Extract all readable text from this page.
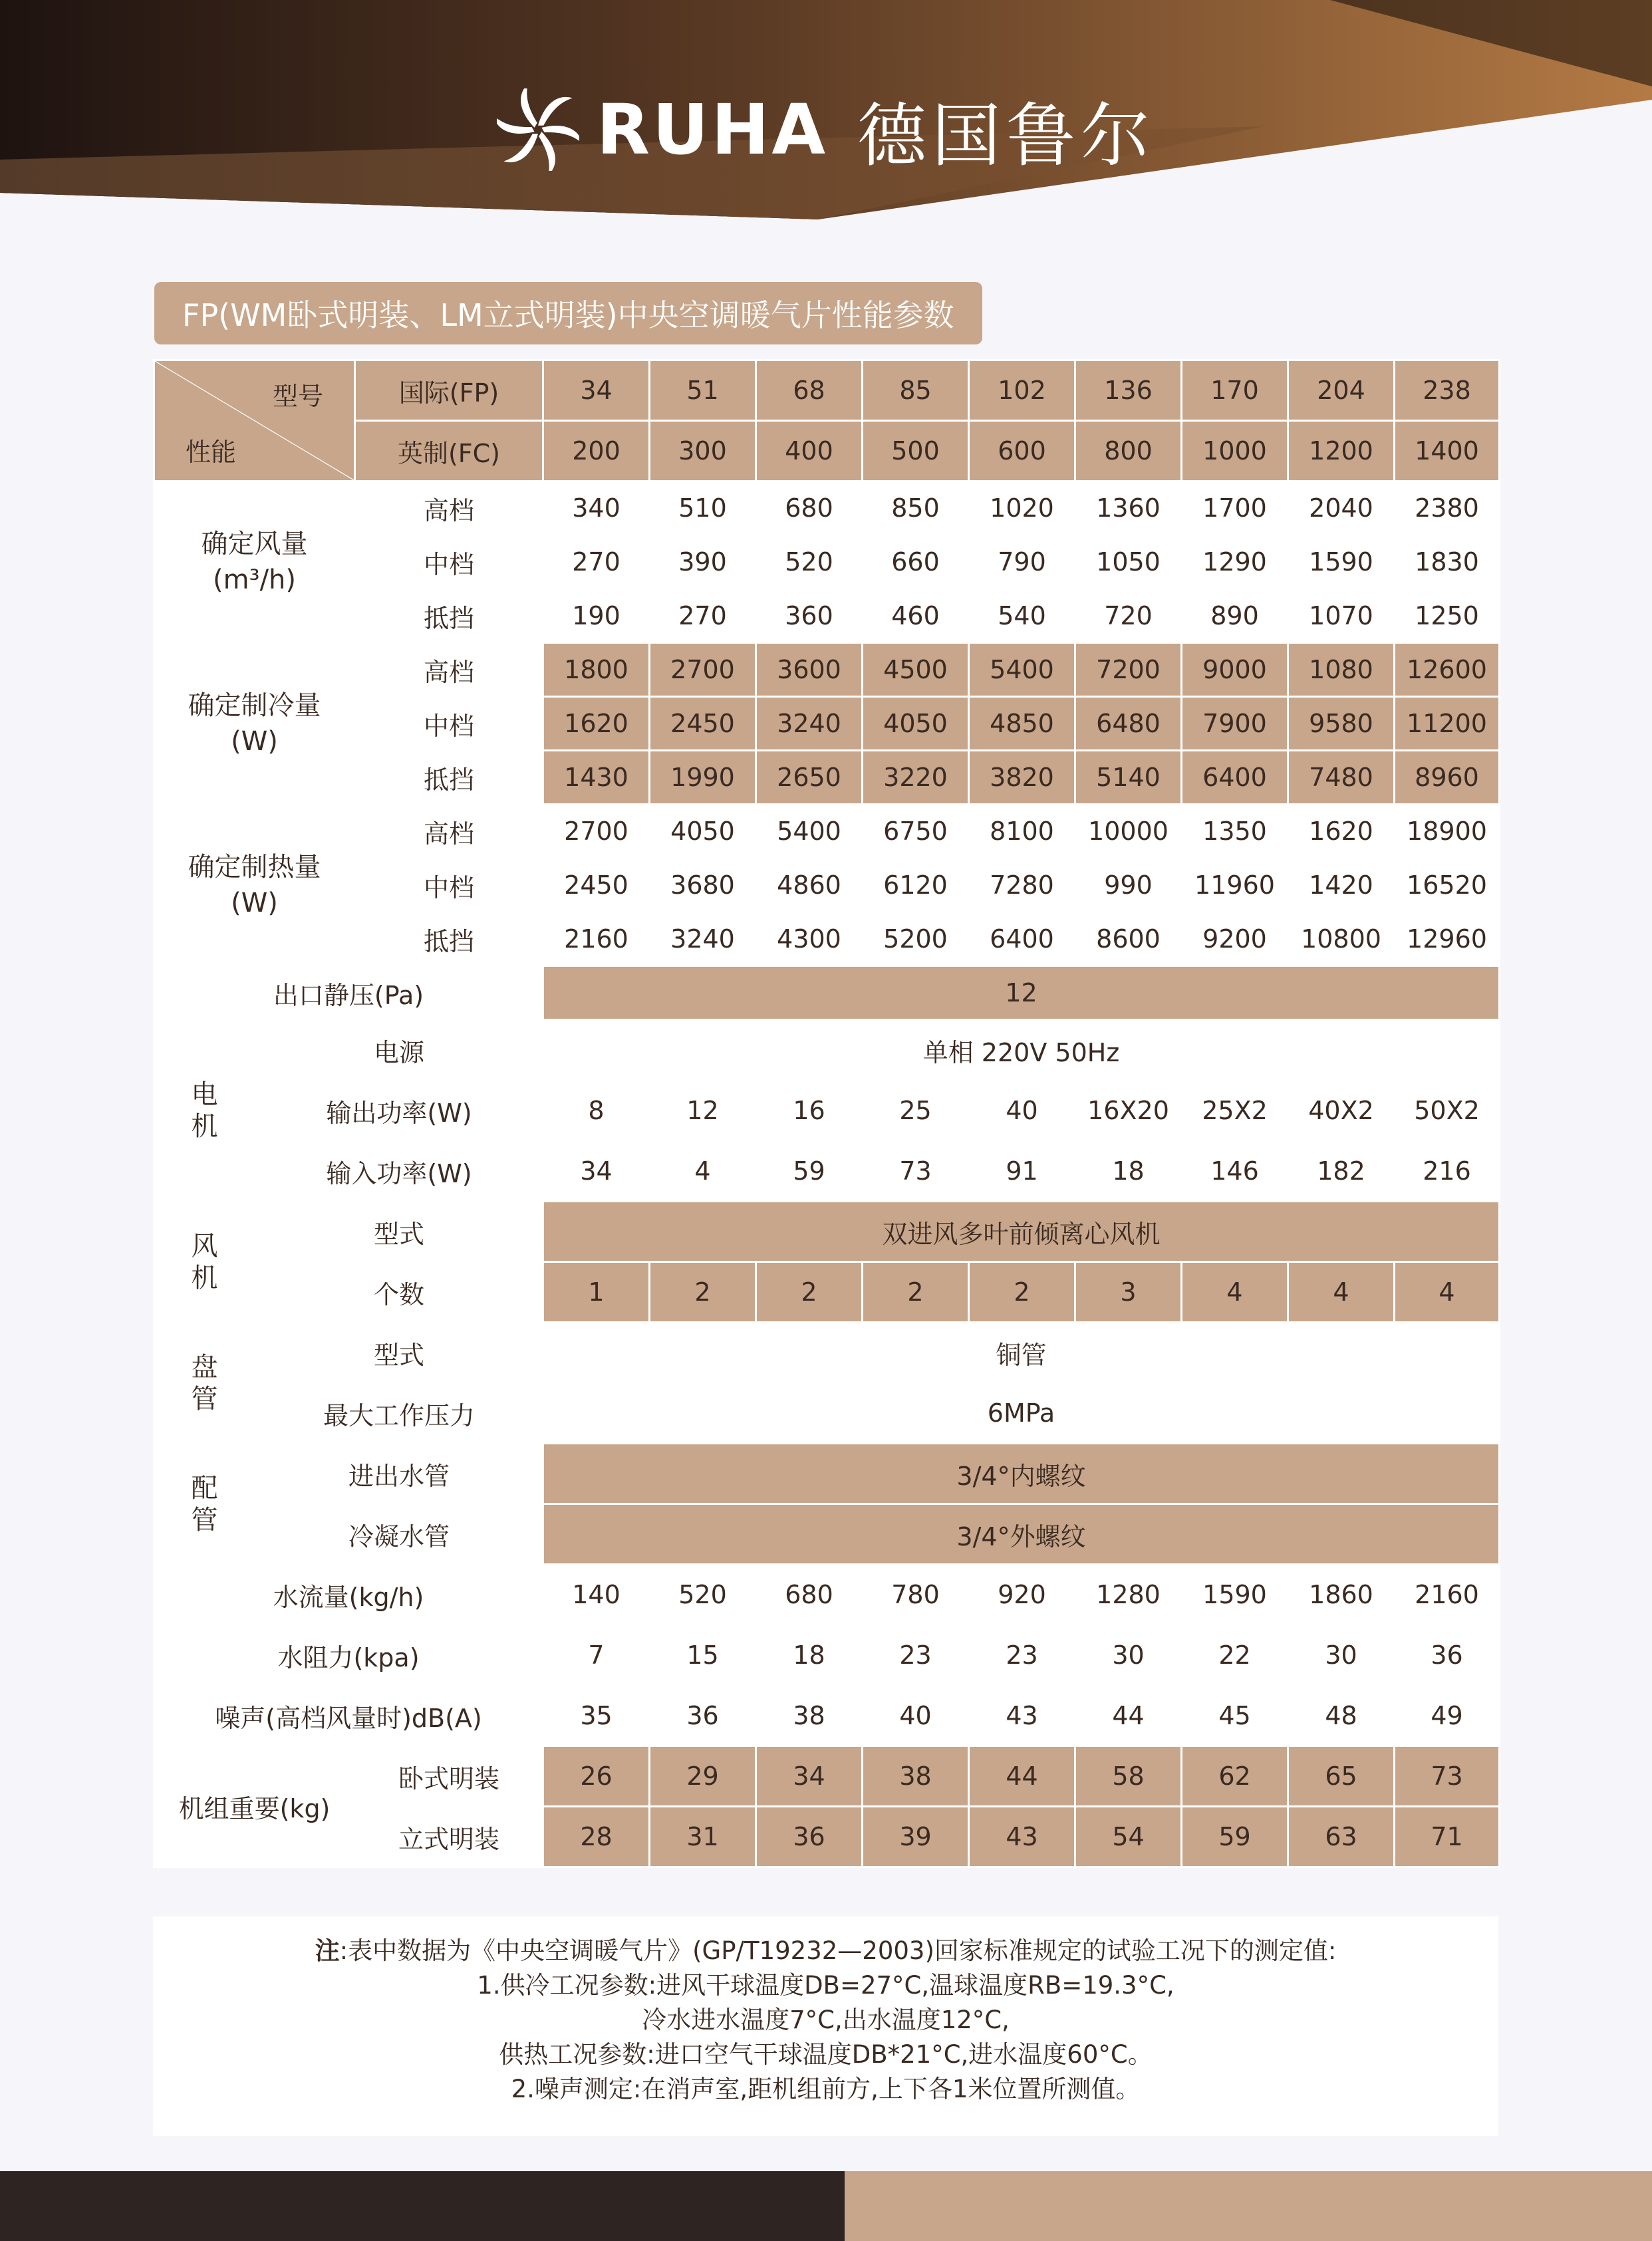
RUHA 德国鲁尔
FP(WM卧式明装、LM立式明装)中央空调暖气片性能参数
型号
性能		国际(FP)	34	51	68	85	102	136	170	204	238
		英制(FC)	200	300	400	500	600	800	1000	1200	1400

确定风量
(m³/h)		高档	340	510	680	850	1020	1360	1700	2040	2380
		中档	270	390	520	660	790	1050	1290	1590	1830
		抵挡	190	270	360	460	540	720	890	1070	1250

确定制冷量
(W)		高档	1800	2700	3600	4500	5400	7200	9000	1080	12600
		中档	1620	2450	3240	4050	4850	6480	7900	9580	11200
		抵挡	1430	1990	2650	3220	3820	5140	6400	7480	8960

确定制热量
(W)		高档	2700	4050	5400	6750	8100	10000	1350	1620	18900
		中档	2450	3680	4860	6120	7280	990	11960	1420	16520
		抵挡	2160	3240	4300	5200	6400	8600	9200	10800	12960
出口静压(Pa)			12								

电
机	电源		单相 220V 50Hz								
	输出功率(W)		8	12	16	25	40	16X20	25X2	40X2	50X2
	输入功率(W)		34	4	59	73	91	18	146	182	216

风
机	型式		双进风多叶前倾离心风机								
	个数		1	2	2	2	2	3	4	4	4

盘
管	型式		铜管								
	最大工作压力		6MPa								

配
管	进出水管		3/4°内螺纹								
	冷凝水管		3/4°外螺纹								
水流量(kg/h)			140	520	680	780	920	1280	1590	1860	2160
水阻力(kpa)			7	15	18	23	23	30	22	30	36
噪声(高档风量时)dB(A)			35	36	38	40	43	44	45	48	49
机组重要(kg)		卧式明装	26	29	34	38	44	58	62	65	73
		立式明装	28	31	36	39	43	54	59	63	71
注:表中数据为《中央空调暖气片》(GP/T19232—2003)回家标准规定的试验工况下的测定值:
1.供冷工况参数:进风干球温度DB=27°C,温球温度RB=19.3°C,
冷水进水温度7°C,出水温度12°C,
供热工况参数:进口空气干球温度DB*21°C,进水温度60°C。
2.噪声测定:在消声室,距机组前方,上下各1米位置所测值。
